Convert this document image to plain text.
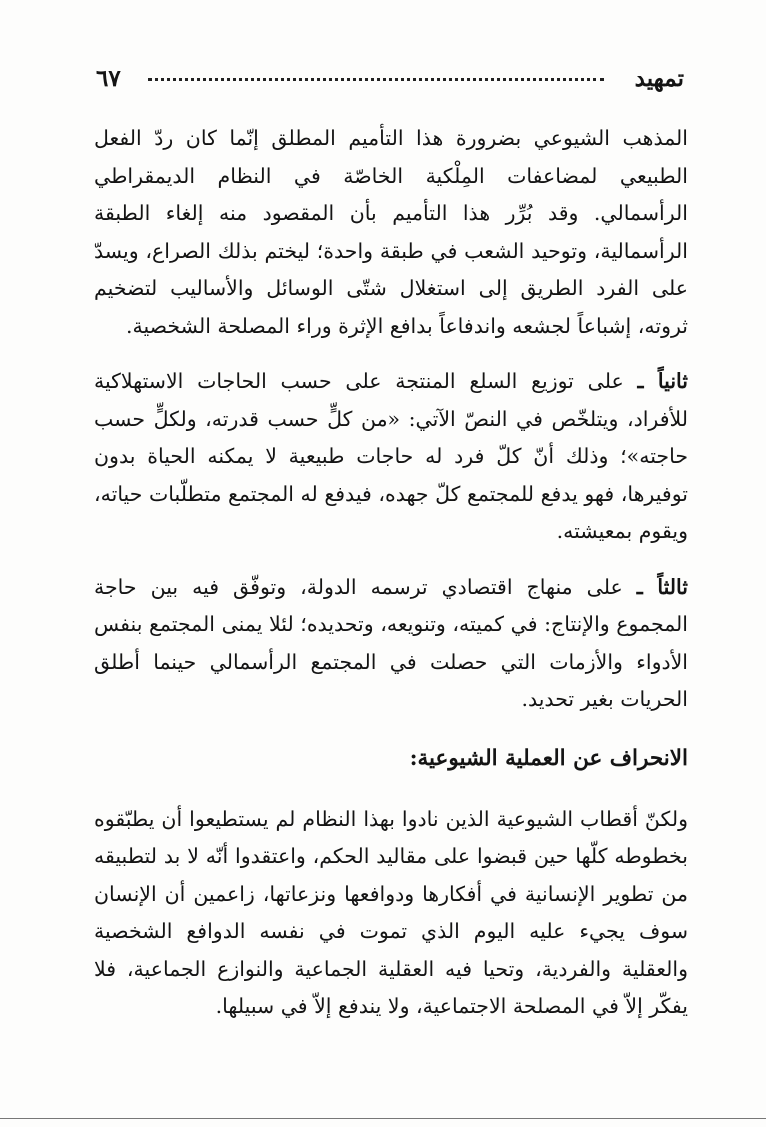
تمهيد
٦٧

المذهب الشيوعي بضرورة هذا التأميم المطلق إنّما كان ردّ الفعل الطبيعي لمضاعفات المِلْكية الخاصّة في النظام الديمقراطي الرأسمالي. وقد بُرِّر هذا التأميم بأن المقصود منه إلغاء الطبقة الرأسمالية، وتوحيد الشعب في طبقة واحدة؛ ليختم بذلك الصراع، ويسدّ على الفرد الطريق إلى استغلال شتّى الوسائل والأساليب لتضخيم ثروته، إشباعاً لجشعه واندفاعاً بدافع الإثرة وراء المصلحة الشخصية.

ثانياً ـ على توزيع السلع المنتجة على حسب الحاجات الاستهلاكية للأفراد، ويتلخّص في النصّ الآتي: «من كلٍّ حسب قدرته، ولكلٍّ حسب حاجته»؛ وذلك أنّ كلّ فرد له حاجات طبيعية لا يمكنه الحياة بدون توفيرها، فهو يدفع للمجتمع كلّ جهده، فيدفع له المجتمع متطلّبات حياته، ويقوم بمعيشته.

ثالثاً ـ على منهاج اقتصادي ترسمه الدولة، وتوفّق فيه بين حاجة المجموع والإنتاج: في كميته، وتنويعه، وتحديده؛ لئلا يمنى المجتمع بنفس الأدواء والأزمات التي حصلت في المجتمع الرأسمالي حينما أطلق الحريات بغير تحديد.

الانحراف عن العملية الشيوعية:

ولكنّ أقطاب الشيوعية الذين نادوا بهذا النظام لم يستطيعوا أن يطبّقوه بخطوطه كلّها حين قبضوا على مقاليد الحكم، واعتقدوا أنّه لا بد لتطبيقه من تطوير الإنسانية في أفكارها ودوافعها ونزعاتها، زاعمين أن الإنسان سوف يجيء عليه اليوم الذي تموت في نفسه الدوافع الشخصية والعقلية والفردية، وتحيا فيه العقلية الجماعية والنوازع الجماعية، فلا يفكّر إلاّ في المصلحة الاجتماعية، ولا يندفع إلاّ في سبيلها.
